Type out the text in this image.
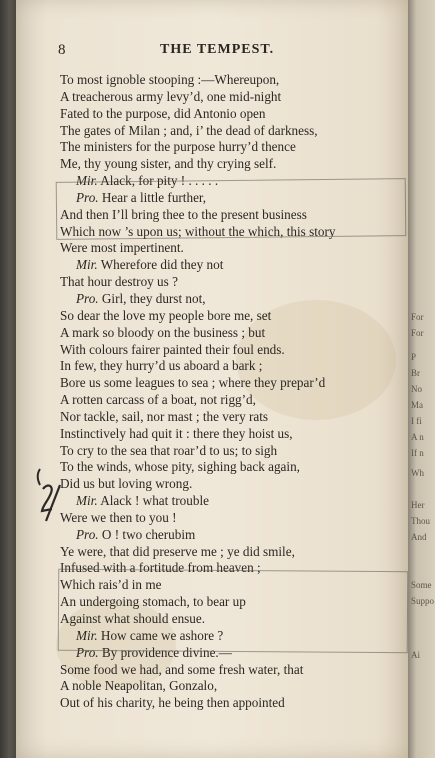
8	THE TEMPEST.
To most ignoble stooping :—Whereupon,
A treacherous army levy’d, one mid-night
Fated to the purpose, did Antonio open
The gates of Milan ; and, i’ the dead of darkness,
The ministers for the purpose hurry’d thence
Me, thy young sister, and thy crying self.
Mir. Alack, for pity ! . . . . .
Pro. Hear a little further,
And then I’ll bring thee to the present business
Which now ’s upon us; without the which, this story
Were most impertinent.
Mir. Wherefore did they not
That hour destroy us ?
Pro. Girl, they durst not,
So dear the love my people bore me, set
A mark so bloody on the business ; but
With colours fairer painted their foul ends.
In few, they hurry’d us aboard a bark ;
Bore us some leagues to sea ; where they prepar’d
A rotten carcass of a boat, not rigg’d,
Nor tackle, sail, nor mast ; the very rats
Instinctively had quit it : there they hoist us,
To cry to the sea that roar’d to us; to sigh
To the winds, whose pity, sighing back again,
Did us but loving wrong.
Mir. Alack ! what trouble
Were we then to you !
Pro. O ! two cherubim
Ye were, that did preserve me ; ye did smile,
Infused with a fortitude from heaven ;
Which rais’d in me
An undergoing stomach, to bear up
Against what should ensue.
Mir. How came we ashore ?
Pro. By providence divine.—
Some food we had, and some fresh water, that
A noble Neapolitan, Gonzalo,
Out of his charity, he being then appointed
For
For
P
Br
No
Ma
I fi
A n
If n
Wh
Her
Thou
And
Some
Suppo
Ai
